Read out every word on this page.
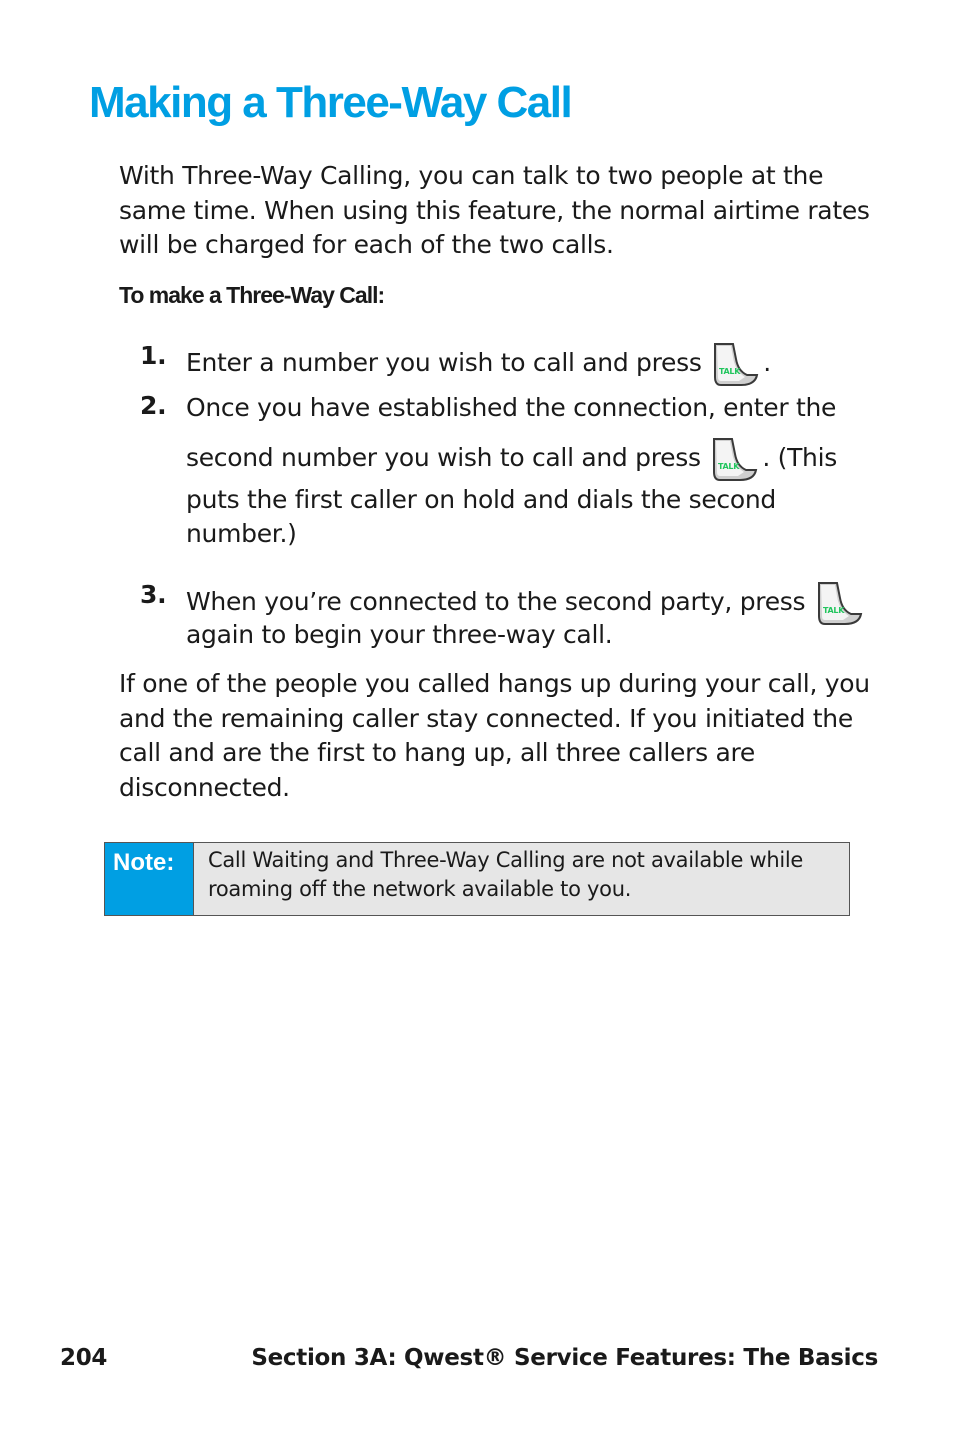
Making a Three-Way Call

With Three-Way Calling, you can talk to two people at the same time. When using this feature, the normal airtime rates will be charged for each of the two calls.

To make a Three-Way Call:

1. Enter a number you wish to call and press TALK .
2. Once you have established the connection, enter the
second number you wish to call and press TALK . (This
puts the first caller on hold and dials the second
number.)
3. When you’re connected to the second party, press TALK
again to begin your three-way call.

If one of the people you called hangs up during your call, you and the remaining caller stay connected. If you initiated the call and are the first to hang up, all three callers are disconnected.

Note:	Call Waiting and Three-Way Calling are not available while roaming off the network available to you.

204	Section 3A: Qwest® Service Features: The Basics
